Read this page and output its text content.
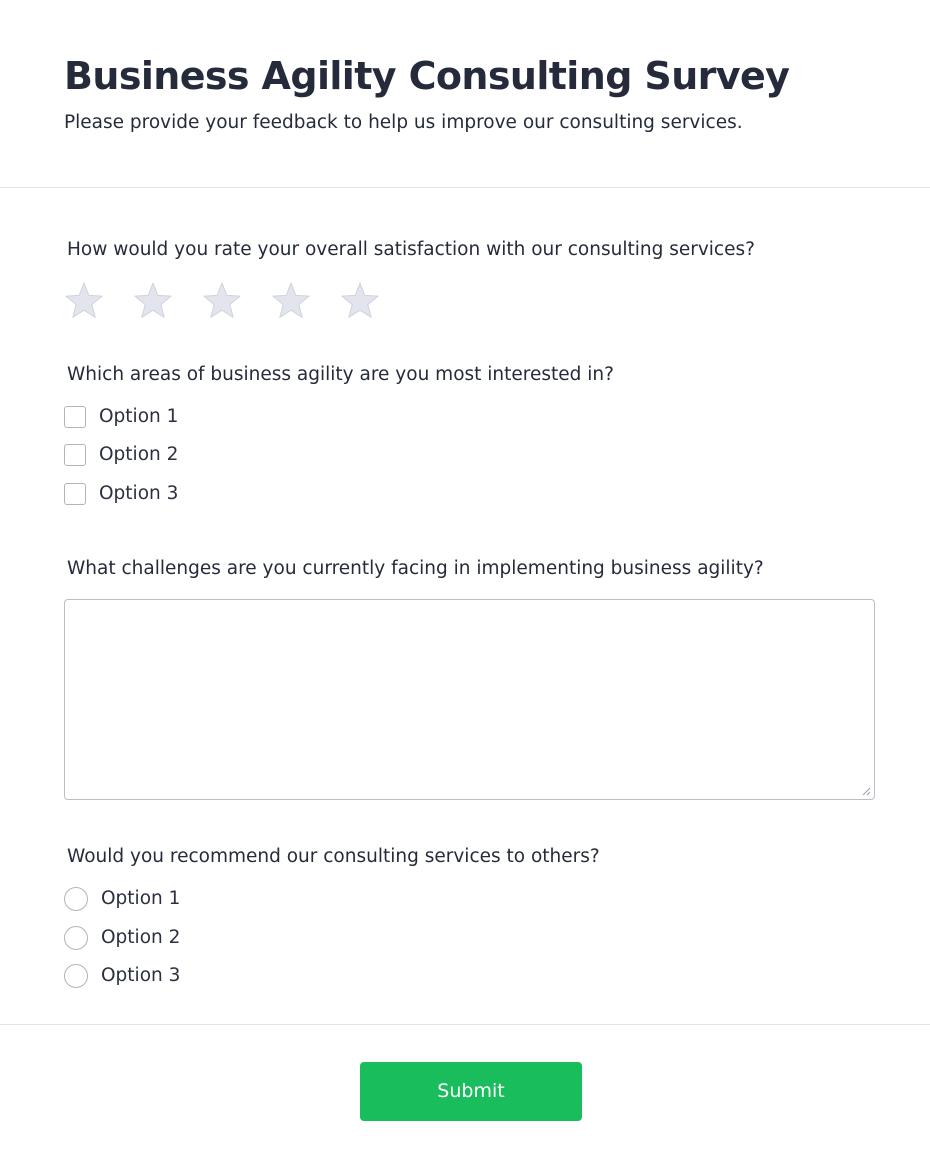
Business Agility Consulting Survey

Please provide your feedback to help us improve our consulting services.

How would you rate your overall satisfaction with our consulting services?

Which areas of business agility are you most interested in?

Option 1
Option 2
Option 3

What challenges are you currently facing in implementing business agility?

Would you recommend our consulting services to others?

Option 1
Option 2
Option 3
Submit
